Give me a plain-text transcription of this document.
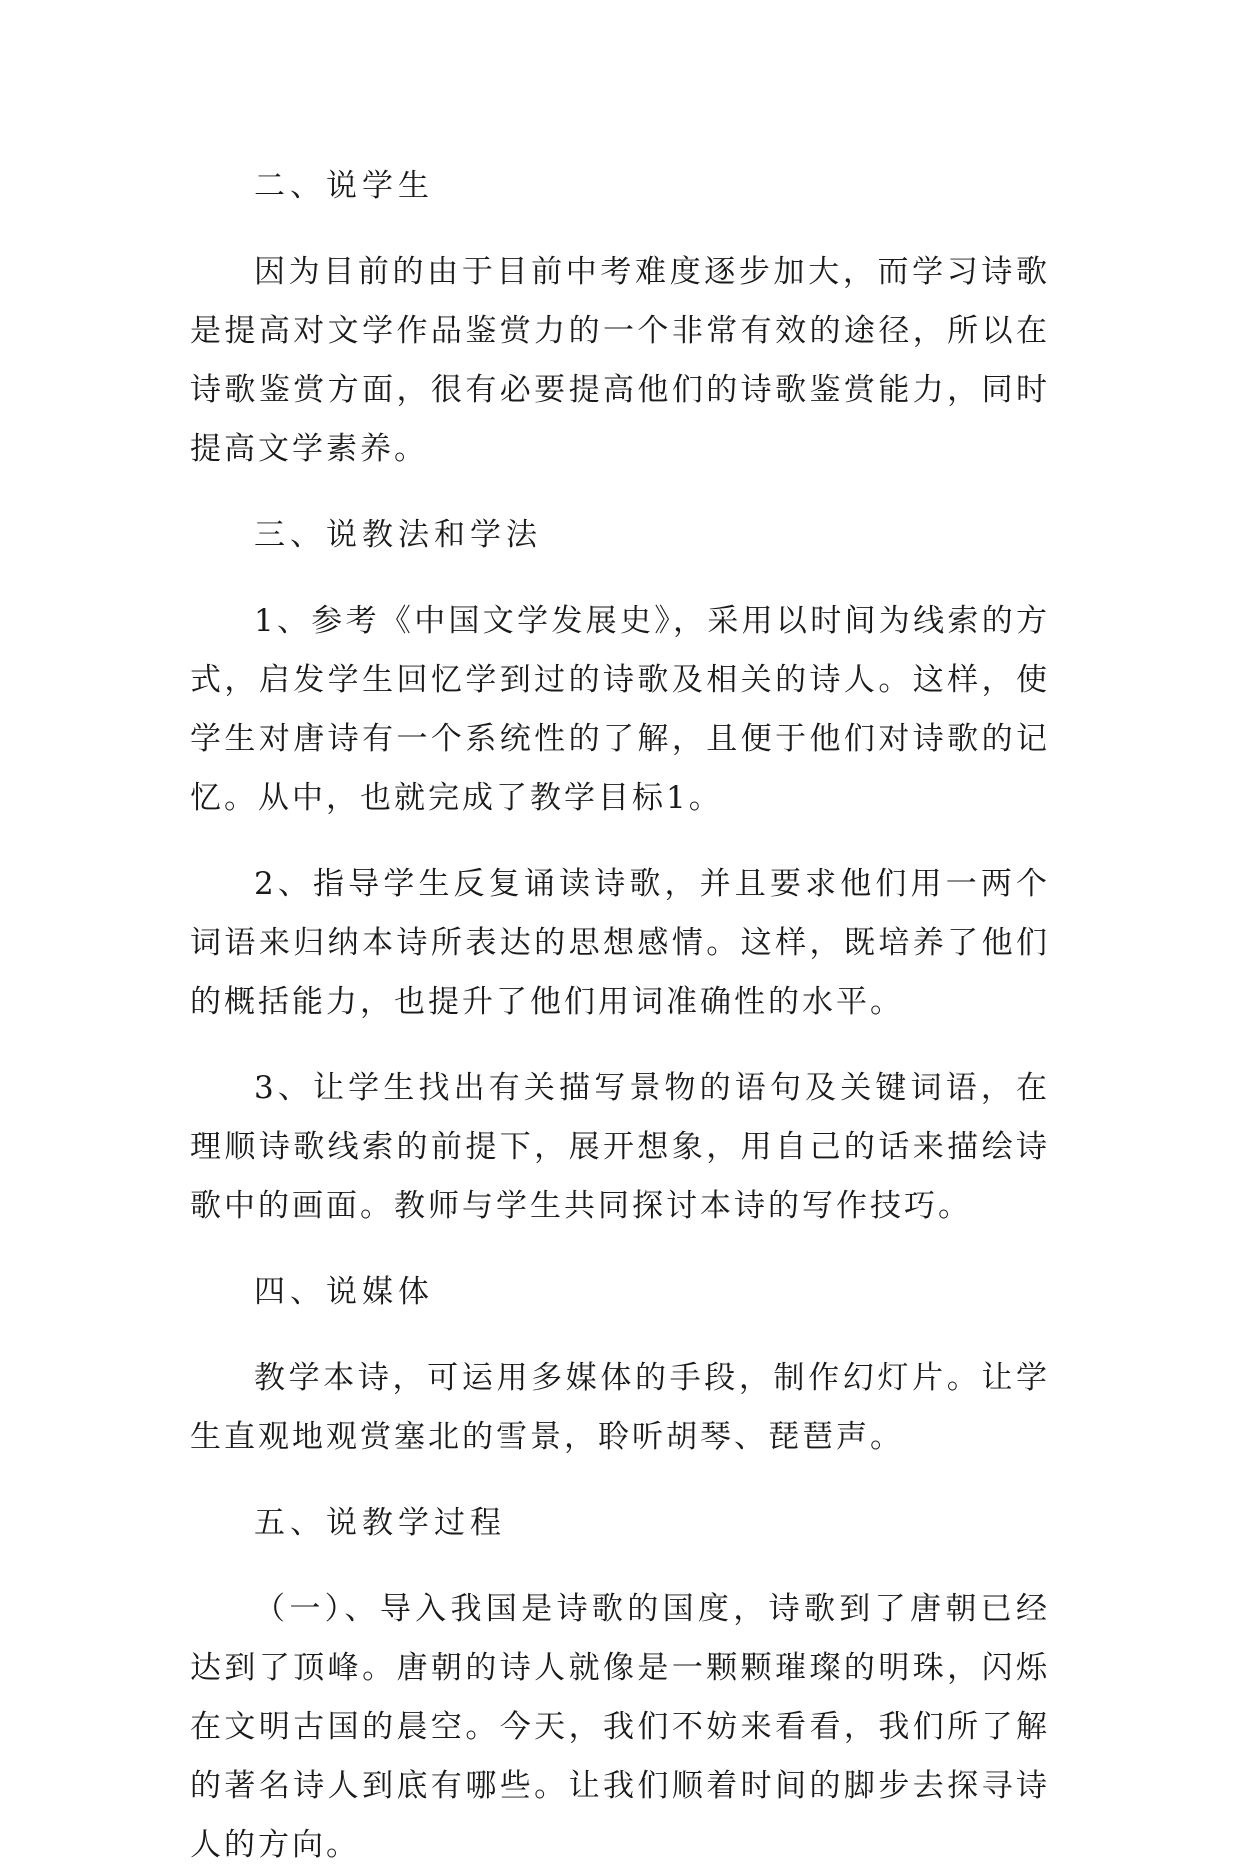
二、说学生

因为目前的由于目前中考难度逐步加大，而学习诗歌是提高对文学作品鉴赏力的一个非常有效的途径，所以在诗歌鉴赏方面，很有必要提高他们的诗歌鉴赏能力，同时提高文学素养。

三、说教法和学法

1、参考《中国文学发展史》，采用以时间为线索的方式，启发学生回忆学到过的诗歌及相关的诗人。这样，使学生对唐诗有一个系统性的了解，且便于他们对诗歌的记忆。从中，也就完成了教学目标1。

2、指导学生反复诵读诗歌，并且要求他们用一两个词语来归纳本诗所表达的思想感情。这样，既培养了他们的概括能力，也提升了他们用词准确性的水平。

3、让学生找出有关描写景物的语句及关键词语，在理顺诗歌线索的前提下，展开想象，用自己的话来描绘诗歌中的画面。教师与学生共同探讨本诗的写作技巧。

四、说媒体

教学本诗，可运用多媒体的手段，制作幻灯片。让学生直观地观赏塞北的雪景，聆听胡琴、琵琶声。

五、说教学过程

（一）、导入我国是诗歌的国度，诗歌到了唐朝已经达到了顶峰。唐朝的诗人就像是一颗颗璀璨的明珠，闪烁在文明古国的晨空。今天，我们不妨来看看，我们所了解的著名诗人到底有哪些。让我们顺着时间的脚步去探寻诗人的方向。
